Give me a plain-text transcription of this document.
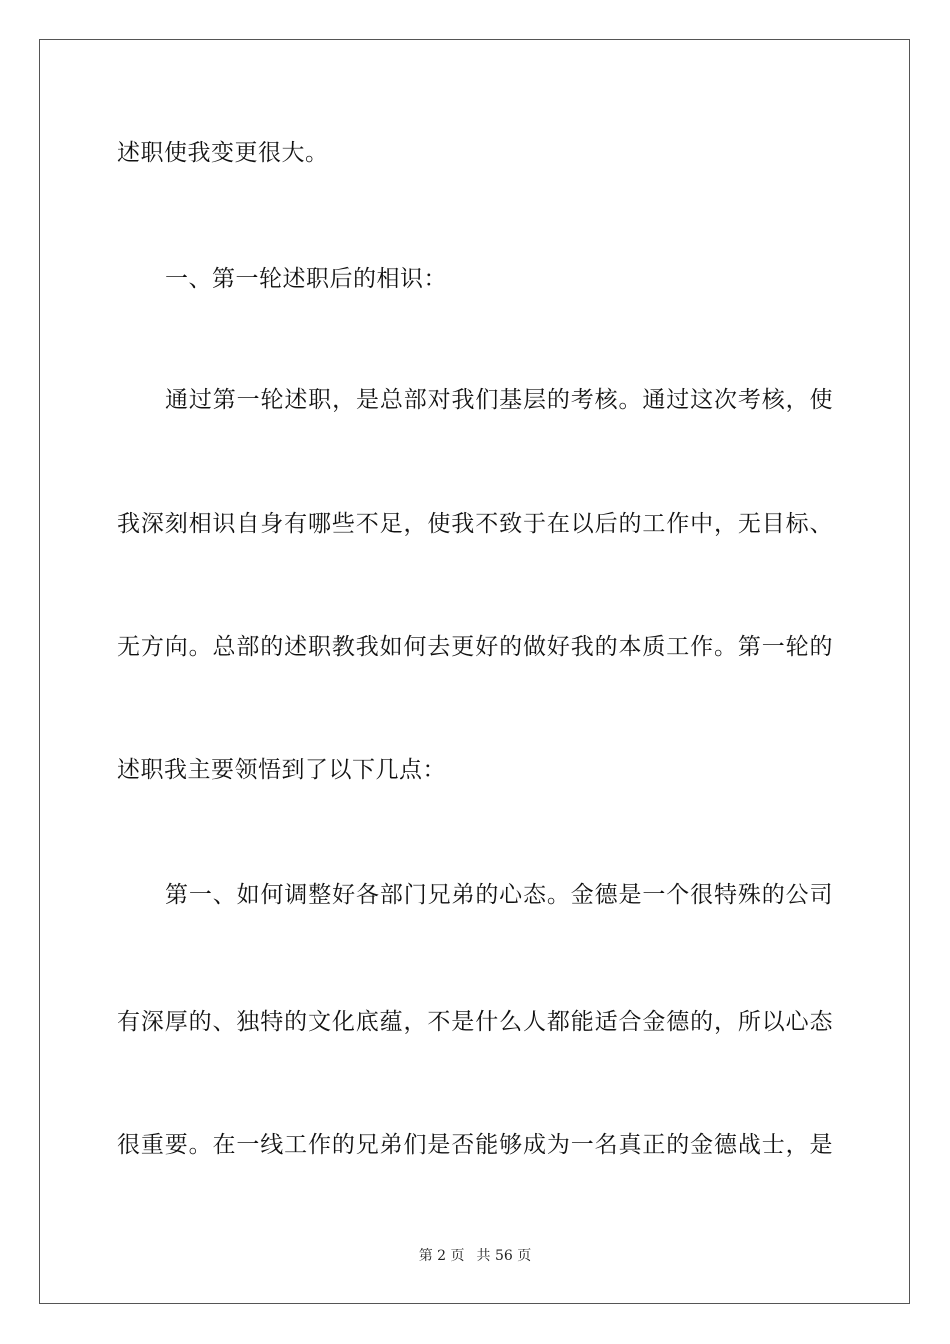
述职使我变更很大。
一、第一轮述职后的相识：
通过第一轮述职，是总部对我们基层的考核。通过这次考核，使
我深刻相识自身有哪些不足，使我不致于在以后的工作中，无目标、
无方向。总部的述职教我如何去更好的做好我的本质工作。第一轮的
述职我主要领悟到了以下几点：
第一、如何调整好各部门兄弟的心态。金德是一个很特殊的公司
有深厚的、独特的文化底蕴，不是什么人都能适合金德的，所以心态
很重要。在一线工作的兄弟们是否能够成为一名真正的金德战士，是
第 2 页 共 56 页
